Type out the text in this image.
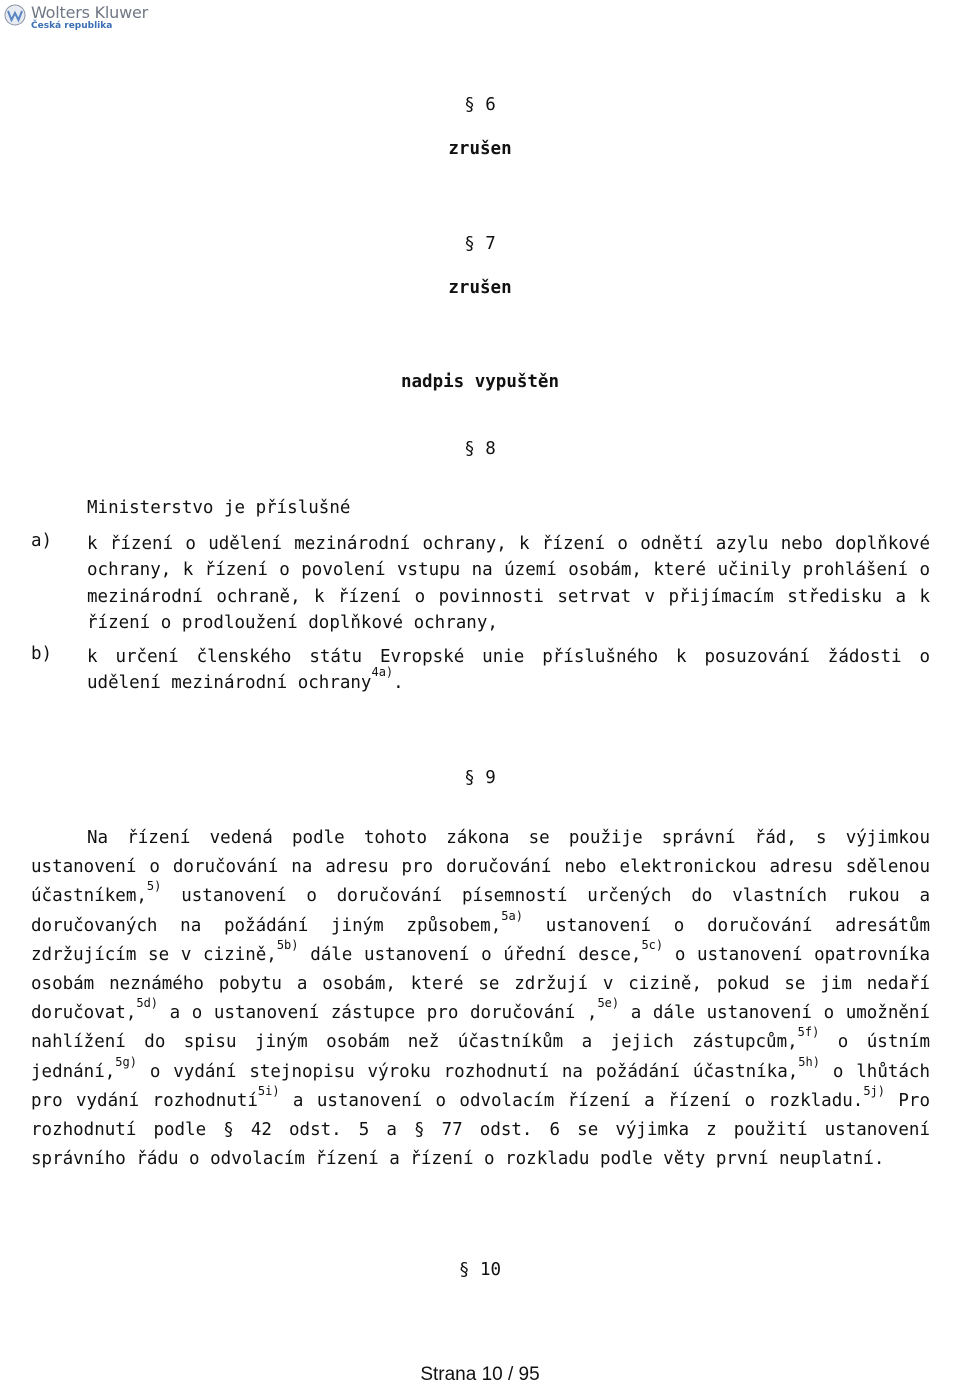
Wolters Kluwer
Česká republika
§ 6
zrušen
§ 7
zrušen
nadpis vypuštěn
§ 8
Ministerstvo je příslušné
a) k řízení o udělení mezinárodní ochrany, k řízení o odnětí azylu nebo doplňkové ochrany, k řízení o povolení vstupu na území osobám, které učinily prohlášení o mezinárodní ochraně, k řízení o povinnosti setrvat v přijímacím středisku a k řízení o prodloužení doplňkové ochrany,
b) k určení členského státu Evropské unie příslušného k posuzování žádosti o udělení mezinárodní ochrany$^{4a)}$.
§ 9
Na řízení vedená podle tohoto zákona se použije správní řád, s výjimkou ustanovení o doručování na adresu pro doručování nebo elektronickou adresu sdělenou účastníkem,$^{5)}$ ustanovení o doručování písemností určených do vlastních rukou a doručovaných na požádání jiným způsobem,$^{5a)}$ ustanovení o doručování adresátům zdržujícím se v cizině,$^{5b)}$ dále ustanovení o úřední desce,$^{5c)}$ o ustanovení opatrovníka osobám neznámého pobytu a osobám, které se zdržují v cizině, pokud se jim nedaří doručovat,$^{5d)}$ a o ustanovení zástupce pro doručování ,$^{5e)}$ a dále ustanovení o umožnění nahlížení do spisu jiným osobám než účastníkům a jejich zástupcům,$^{5f)}$ o ústním jednání,$^{5g)}$ o vydání stejnopisu výroku rozhodnutí na požádání účastníka,$^{5h)}$ o lhůtách pro vydání rozhodnutí$^{5i)}$ a ustanovení o odvolacím řízení a řízení o rozkladu.$^{5j)}$ Pro rozhodnutí podle § 42 odst. 5 a § 77 odst. 6 se výjimka z použití ustanovení správního řádu o odvolacím řízení a řízení o rozkladu podle věty první neuplatní.
§ 10
Strana 10 / 95
